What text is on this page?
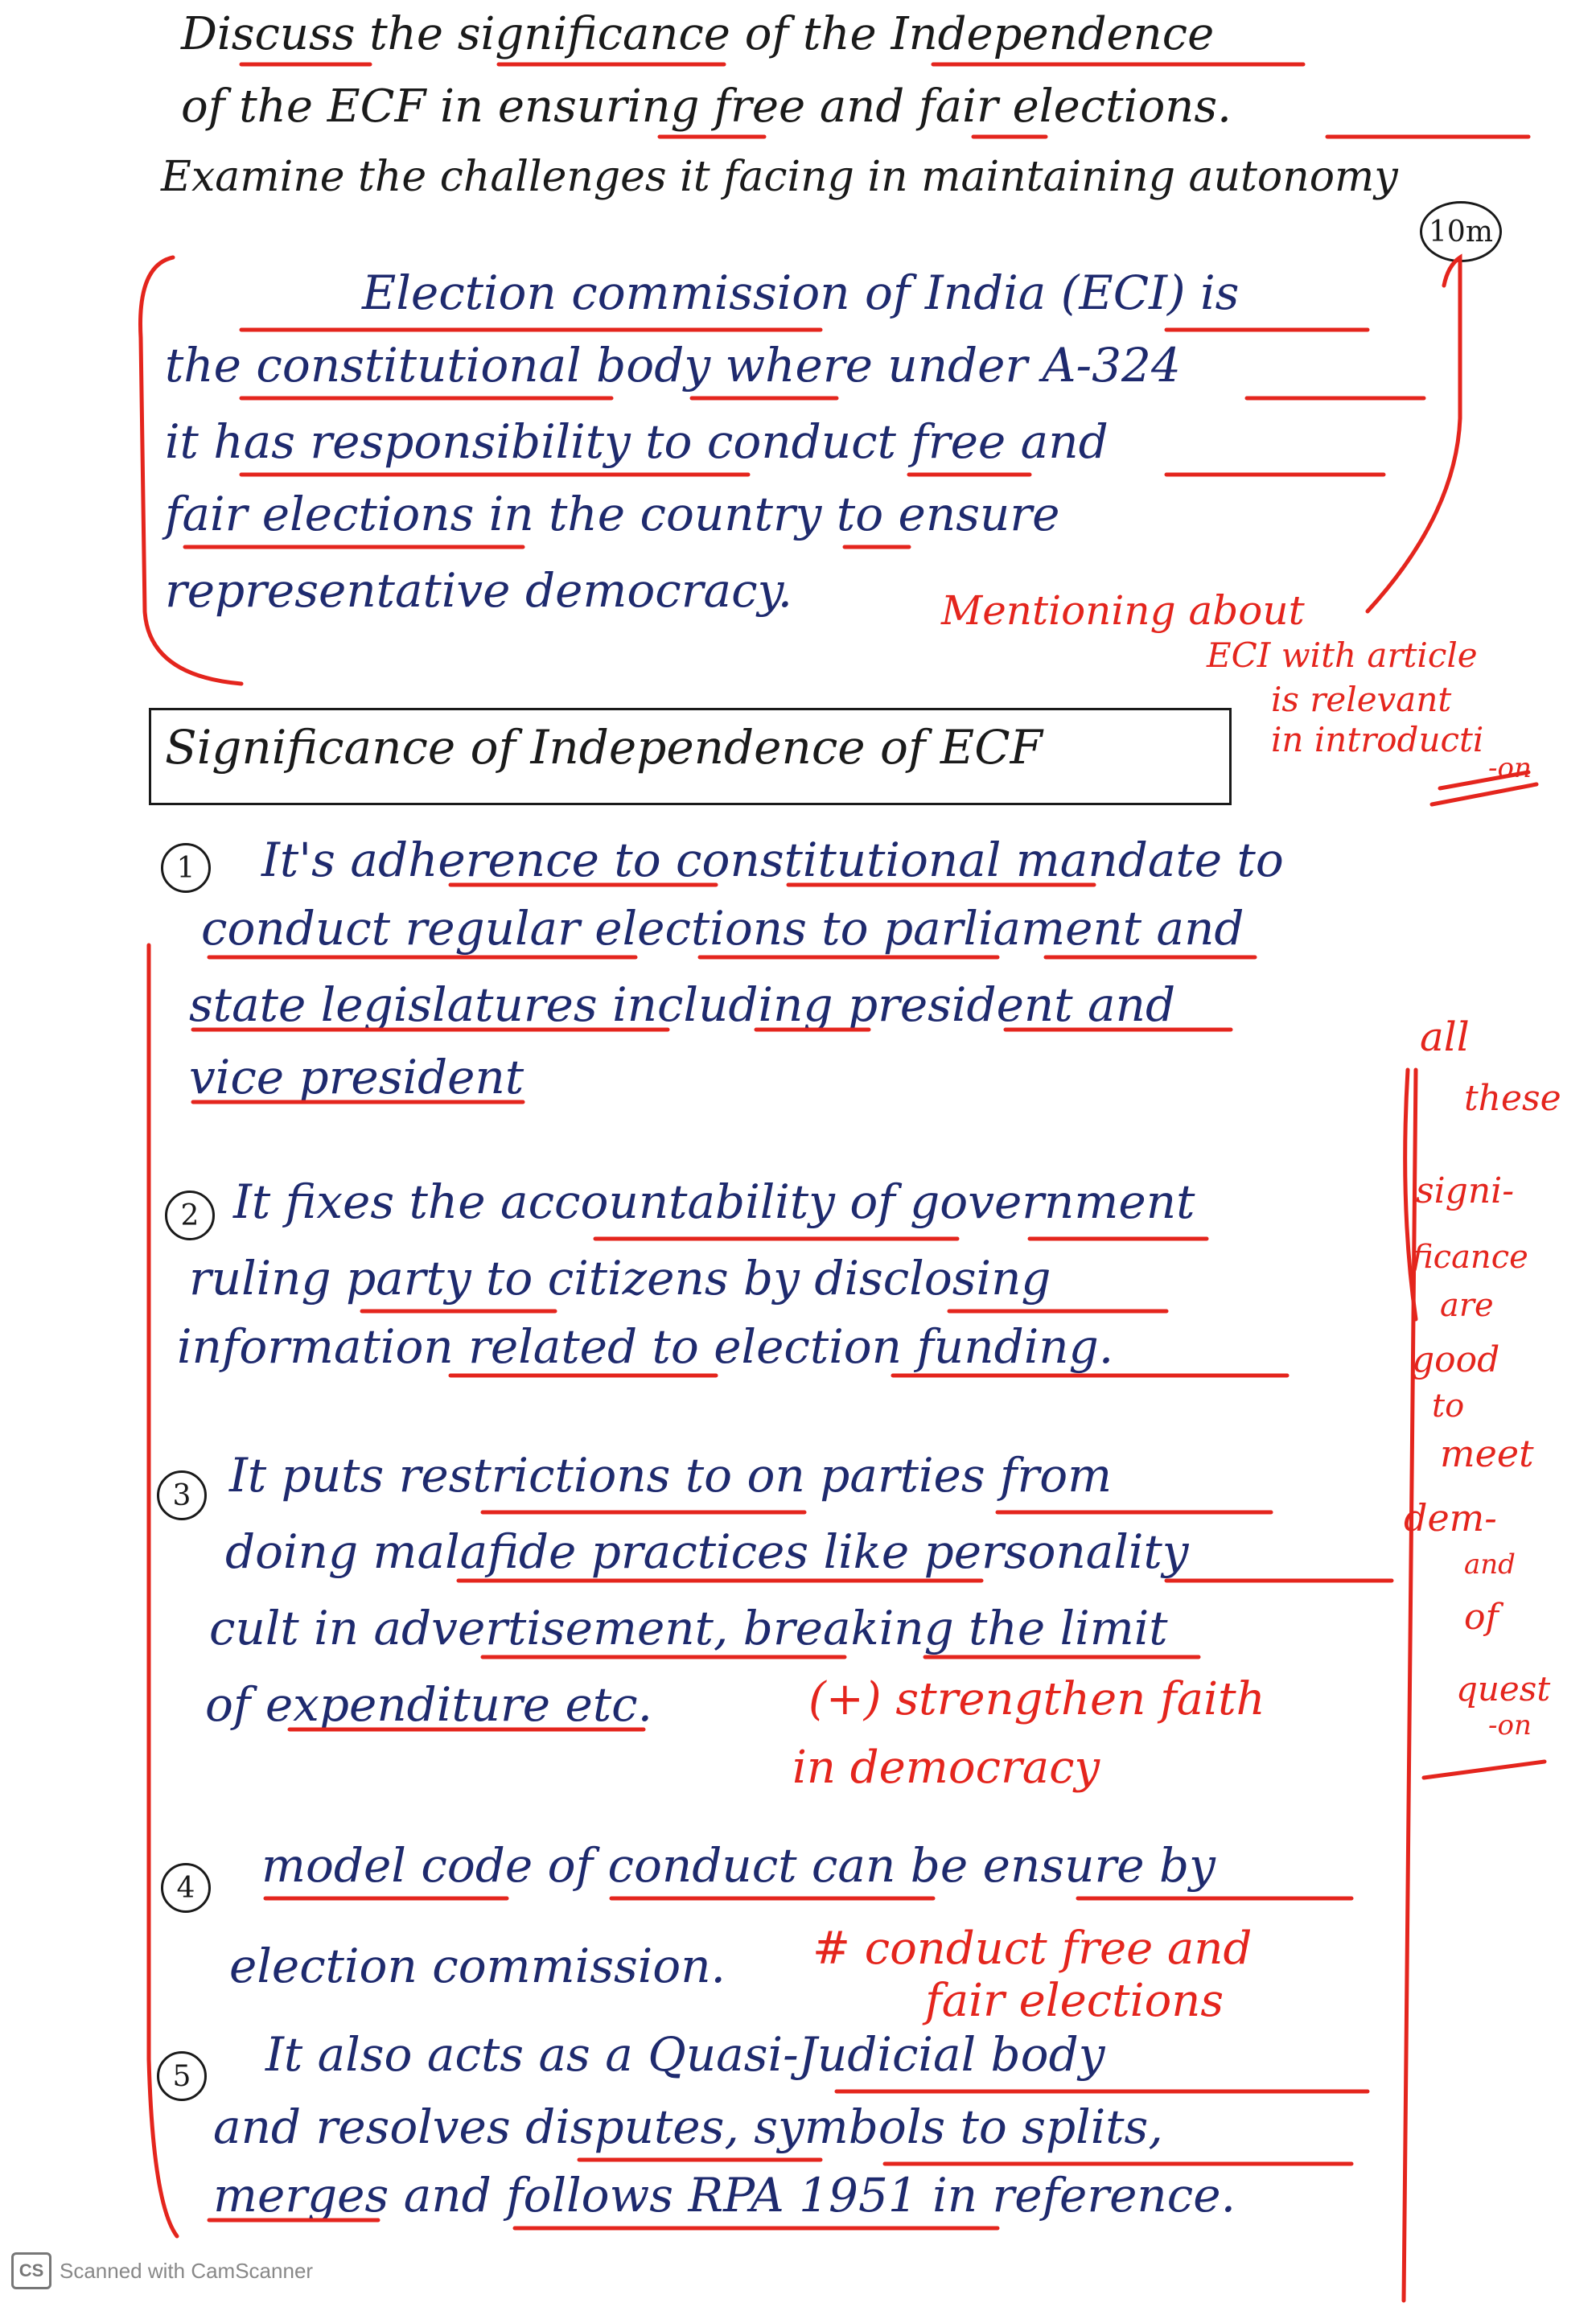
Discuss the significance of the Independence
of the ECF in ensuring free and fair elections.
Examine the challenges it facing in maintaining autonomy
10m
Election commission of India (ECI) is
the constitutional body where under A-324
it has responsibility to conduct free and
fair elections in the country to ensure
representative democracy.	Mentioning about
ECI with article
is relevant
in introducti
-on
Significance of Independence of ECF
1 It's adherence to constitutional mandate to
conduct regular elections to parliament and
state legislatures including president and
vice president
2 It fixes the accountability of government
ruling party to citizens by disclosing
information related to election funding.
3 It puts restrictions to on parties from
doing malafide practices like personality
cult in advertisement, breaking the limit
of expenditure etc.	(+) strengthen faith
in democracy
4 model code of conduct can be ensure by
election commission. # conduct free and
fair elections
5 It also acts as a Quasi-Judicial body
and resolves disputes, symbols to splits,
merges and follows RPA 1951 in reference.
all
these
signi-
ficance
are
good
to
meet
dem-
and
of
quest
-on
CS Scanned with CamScanner
